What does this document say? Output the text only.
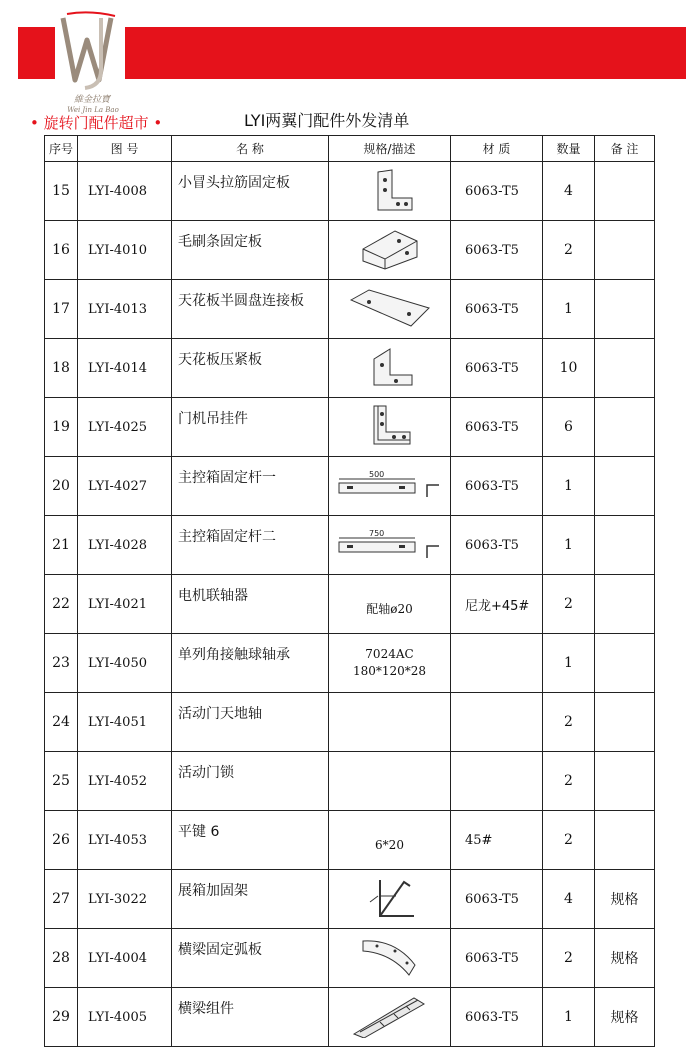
維金拉寶
Wei Jin La Bao
• 旋转门配件超市 •	LYI两翼门配件外发清单
序号	图 号	名 称	规格/描述	材 质	数量	备 注
15	LYI-4008	小冒头拉筋固定板		6063-T5	4	
16	LYI-4010	毛刷条固定板		6063-T5	2	
17	LYI-4013	天花板半圆盘连接板		6063-T5	1	
18	LYI-4014	天花板压紧板		6063-T5	10	
19	LYI-4025	门机吊挂件		6063-T5	6	
20	LYI-4027	主控箱固定杆一	500	6063-T5	1	
21	LYI-4028	主控箱固定杆二	750	6063-T5	1	
22	LYI-4021	电机联轴器	配轴ø20	尼龙+45#	2	
23	LYI-4050	单列角接触球轴承	7024AC
180*120*28		1	
24	LYI-4051	活动门天地轴			2	
25	LYI-4052	活动门锁			2	
26	LYI-4053	平键 6	6*20	45#	2	
27	LYI-3022	展箱加固架		6063-T5	4	规格
28	LYI-4004	横梁固定弧板		6063-T5	2	规格
29	LYI-4005	横梁组件		6063-T5	1	规格
